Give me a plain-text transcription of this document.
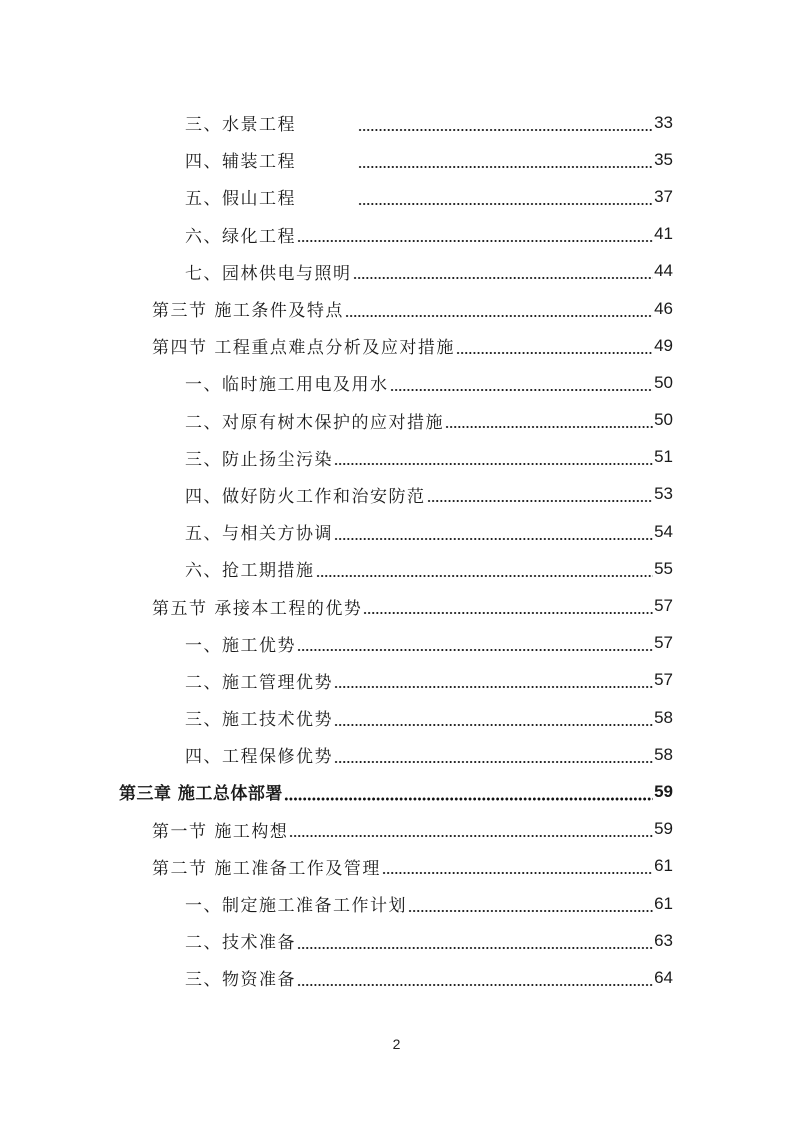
三、水景工程	33
四、辅装工程	35
五、假山工程	37
六、绿化工程	41
七、园林供电与照明	44
第三节 施工条件及特点	46
第四节 工程重点难点分析及应对措施	49
一、临时施工用电及用水	50
二、对原有树木保护的应对措施	50
三、防止扬尘污染	51
四、做好防火工作和治安防范	53
五、与相关方协调	54
六、抢工期措施	55
第五节 承接本工程的优势	57
一、施工优势	57
二、施工管理优势	57
三、施工技术优势	58
四、工程保修优势	58
第三章 施工总体部署	59
第一节 施工构想	59
第二节 施工准备工作及管理	61
一、制定施工准备工作计划	61
二、技术准备	63
三、物资准备	64
2
